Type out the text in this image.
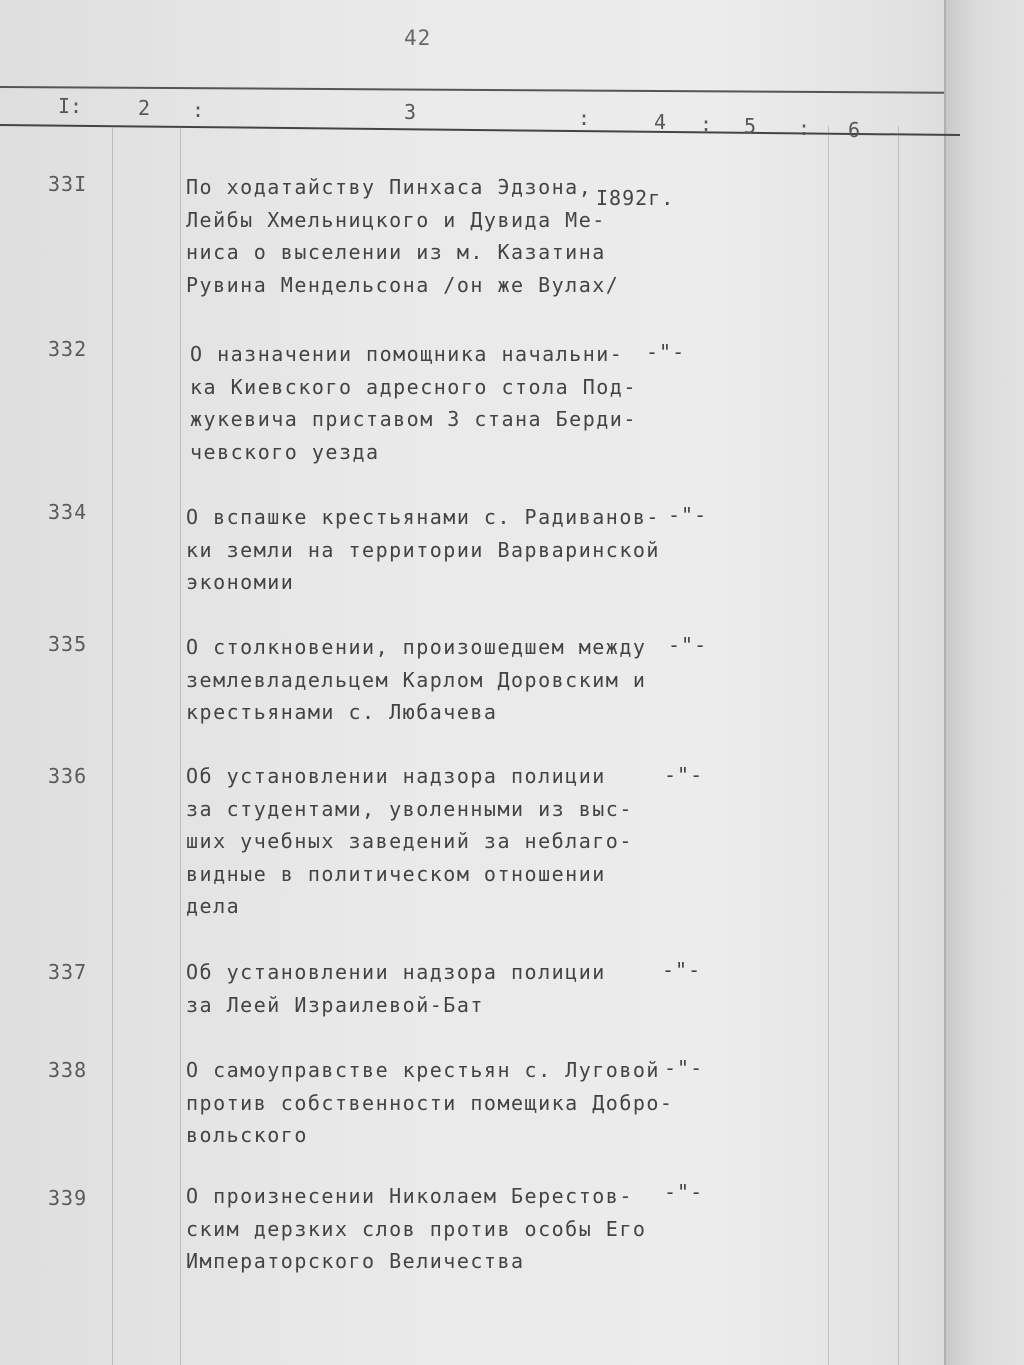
42
I:	2 :	3	:	4 : 5 : 6
33I	По ходатайству Пинхаса Эдзона,
Лейбы Хмельницкого и Дувида Ме-
ниса о выселении из м. Казатина
Рувина Мендельсона /он же Вулах/
I892г.
332	О назначении помощника начальни-
ка Киевского адресного стола Под-
жукевича приставом 3 стана Берди-
чевского уезда
-"-
334	О вспашке крестьянами с. Радиванов-
ки земли на территории Варваринской
экономии
-"-
335	О столкновении, произошедшем между
землевладельцем Карлом Доровским и
крестьянами с. Любачева
-"-
336	Об установлении надзора полиции
за студентами, уволенными из выс-
ших учебных заведений за неблаго-
видные в политическом отношении
дела
-"-
337	Об установлении надзора полиции
за Леей Израилевой-Бат
-"-
338	О самоуправстве крестьян с. Луговой
против собственности помещика Добро-
вольского
-"-
339	О произнесении Николаем Берестов-
ским дерзких слов против особы Его
Императорского Величества
-"-
